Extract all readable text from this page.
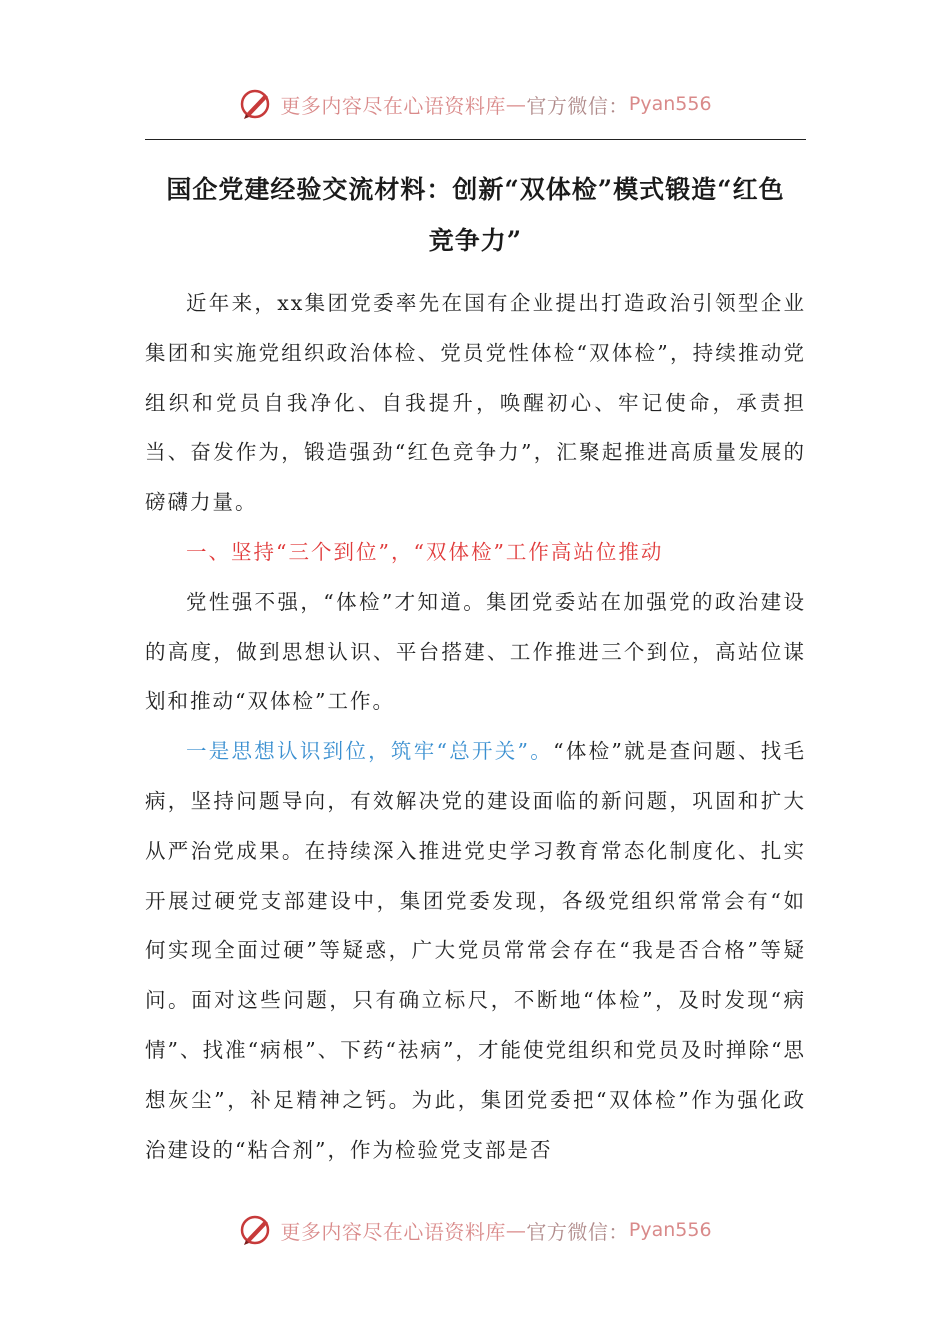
更多内容尽在心语资料库 — 官方微信： Pyan556
国企党建经验交流材料：创新“双体检”模式锻造“红色
竞争力”

近年来，xx集团党委率先在国有企业提出打造政治引领型企业集团和实施党组织政治体检、党员党性体检“双体检”，持续推动党组织和党员自我净化、自我提升，唤醒初心、牢记使命，承责担当、奋发作为，锻造强劲“红色竞争力”，汇聚起推进高质量发展的磅礴力量。

一、坚持“三个到位”，“双体检”工作高站位推动

党性强不强，“体检”才知道。集团党委站在加强党的政治建设的高度，做到思想认识、平台搭建、工作推进三个到位，高站位谋划和推动“双体检”工作。

一是思想认识到位，筑牢“总开关”。“体检”就是查问题、找毛病，坚持问题导向，有效解决党的建设面临的新问题，巩固和扩大从严治党成果。在持续深入推进党史学习教育常态化制度化、扎实开展过硬党支部建设中，集团党委发现，各级党组织常常会有“如何实现全面过硬”等疑惑，广大党员常常会存在“我是否合格”等疑问。面对这些问题，只有确立标尺，不断地“体检”，及时发现“病情”、找准“病根”、下药“祛病”，才能使党组织和党员及时掸除“思想灰尘”，补足精神之钙。为此，集团党委把“双体检”作为强化政治建设的“粘合剂”，作为检验党支部是否

更多内容尽在心语资料库 — 官方微信： Pyan556
